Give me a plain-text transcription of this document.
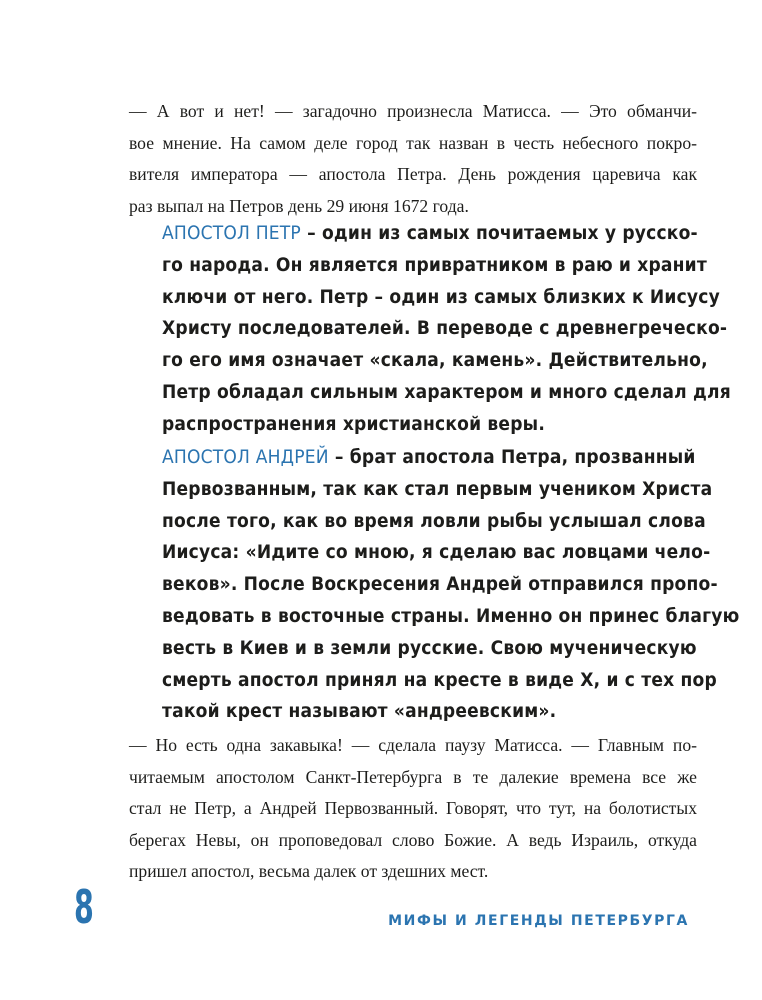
— А вот и нет! — загадочно произнесла Матисса. — Это обманчи-
вое мнение. На самом деле город так назван в честь небесного покро-
вителя императора — апостола Петра. День рождения царевича как
раз выпал на Петров день 29 июня 1672 года.
АПОСТОЛ ПЕТР – один из самых почитаемых у русско-
го народа. Он является привратником в раю и хранит
ключи от него. Петр – один из самых близких к Иисусу
Христу последователей. В переводе с древнегреческо-
го его имя означает «скала, камень». Действительно,
Петр обладал сильным характером и много сделал для
распространения христианской веры.
АПОСТОЛ АНДРЕЙ – брат апостола Петра, прозванный
Первозванным, так как стал первым учеником Христа
после того, как во время ловли рыбы услышал слова
Иисуса: «Идите со мною, я сделаю вас ловцами чело-
веков». После Воскресения Андрей отправился пропо-
ведовать в восточные страны. Именно он принес благую
весть в Киев и в земли русские. Свою мученическую
смерть апостол принял на кресте в виде Х, и с тех пор
такой крест называют «андреевским».
— Но есть одна закавыка! — сделала паузу Матисса. — Главным по-
читаемым апостолом Санкт-Петербурга в те далекие времена все же
стал не Петр, а Андрей Первозванный. Говорят, что тут, на болотистых
берегах Невы, он проповедовал слово Божие. А ведь Израиль, откуда
пришел апостол, весьма далек от здешних мест.
8	МИФЫ И ЛЕГЕНДЫ ПЕТЕРБУРГА
